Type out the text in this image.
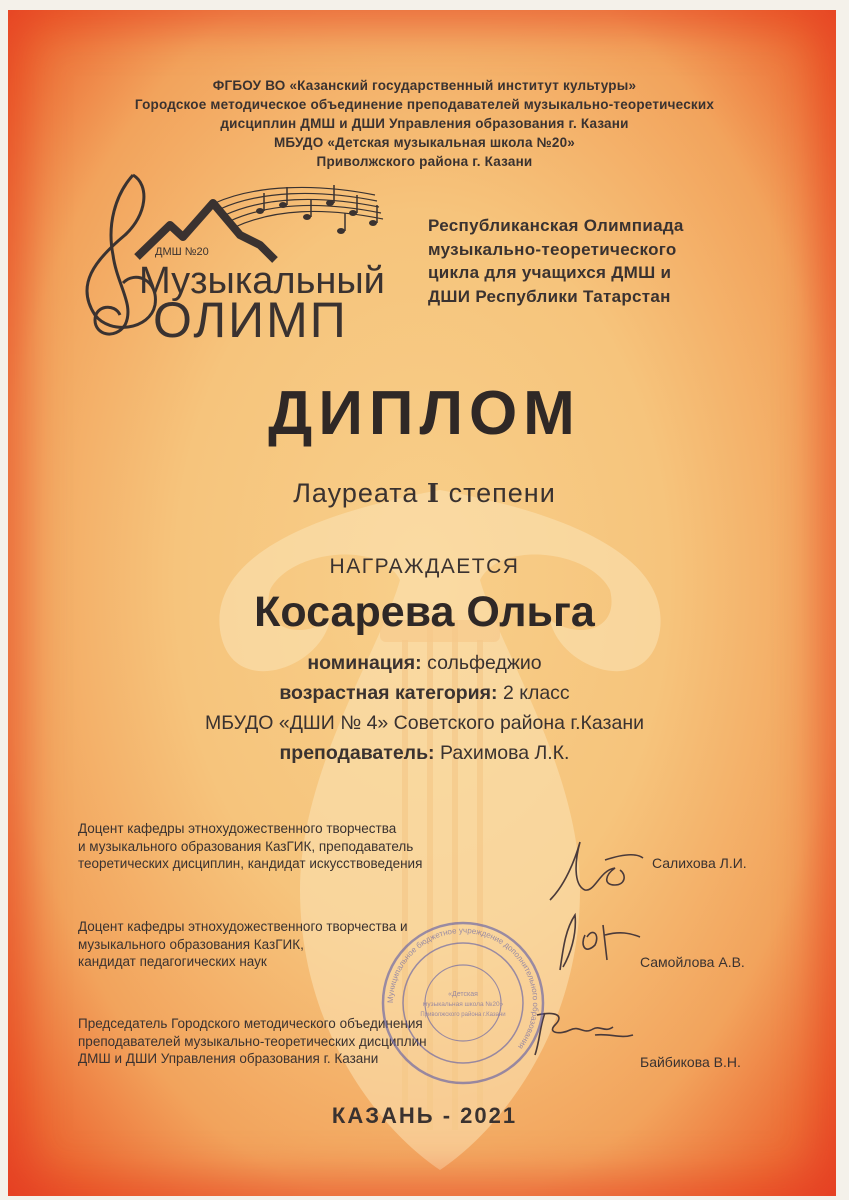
ФГБОУ ВО «Казанский государственный институт культуры»
Городское методическое объединение преподавателей музыкально-теоретических
дисциплин ДМШ и ДШИ Управления образования г. Казани
МБУДО «Детская музыкальная школа №20»
Приволжского района г. Казани
ДМШ №20
Музыкальный
ОЛИМП
Республиканская Олимпиада
музыкально-теоретического
цикла для учащихся ДМШ и
ДШИ Республики Татарстан
ДИПЛОМ
Лауреата I степени
НАГРАЖДАЕТСЯ
Косарева Ольга
номинация: сольфеджио
возрастная категория: 2 класс
МБУДО «ДШИ № 4» Советского района г.Казани
преподаватель: Рахимова Л.К.
Доцент кафедры этнохудожественного творчества
и музыкального образования КазГИК, преподаватель
теоретических дисциплин, кандидат искусствоведения	Салихова Л.И.
Доцент кафедры этнохудожественного творчества и
музыкального образования КазГИК,
кандидат педагогических наук	Самойлова А.В.
Председатель Городского методического объединения
преподавателей музыкально-теоретических дисциплин
ДМШ и ДШИ Управления образования г. Казани	Байбикова В.Н.
Муниципальное бюджетное учреждение дополнительного образования
«Детская
музыкальная школа №20»
Приволжского района г.Казани
КАЗАНЬ - 2021
